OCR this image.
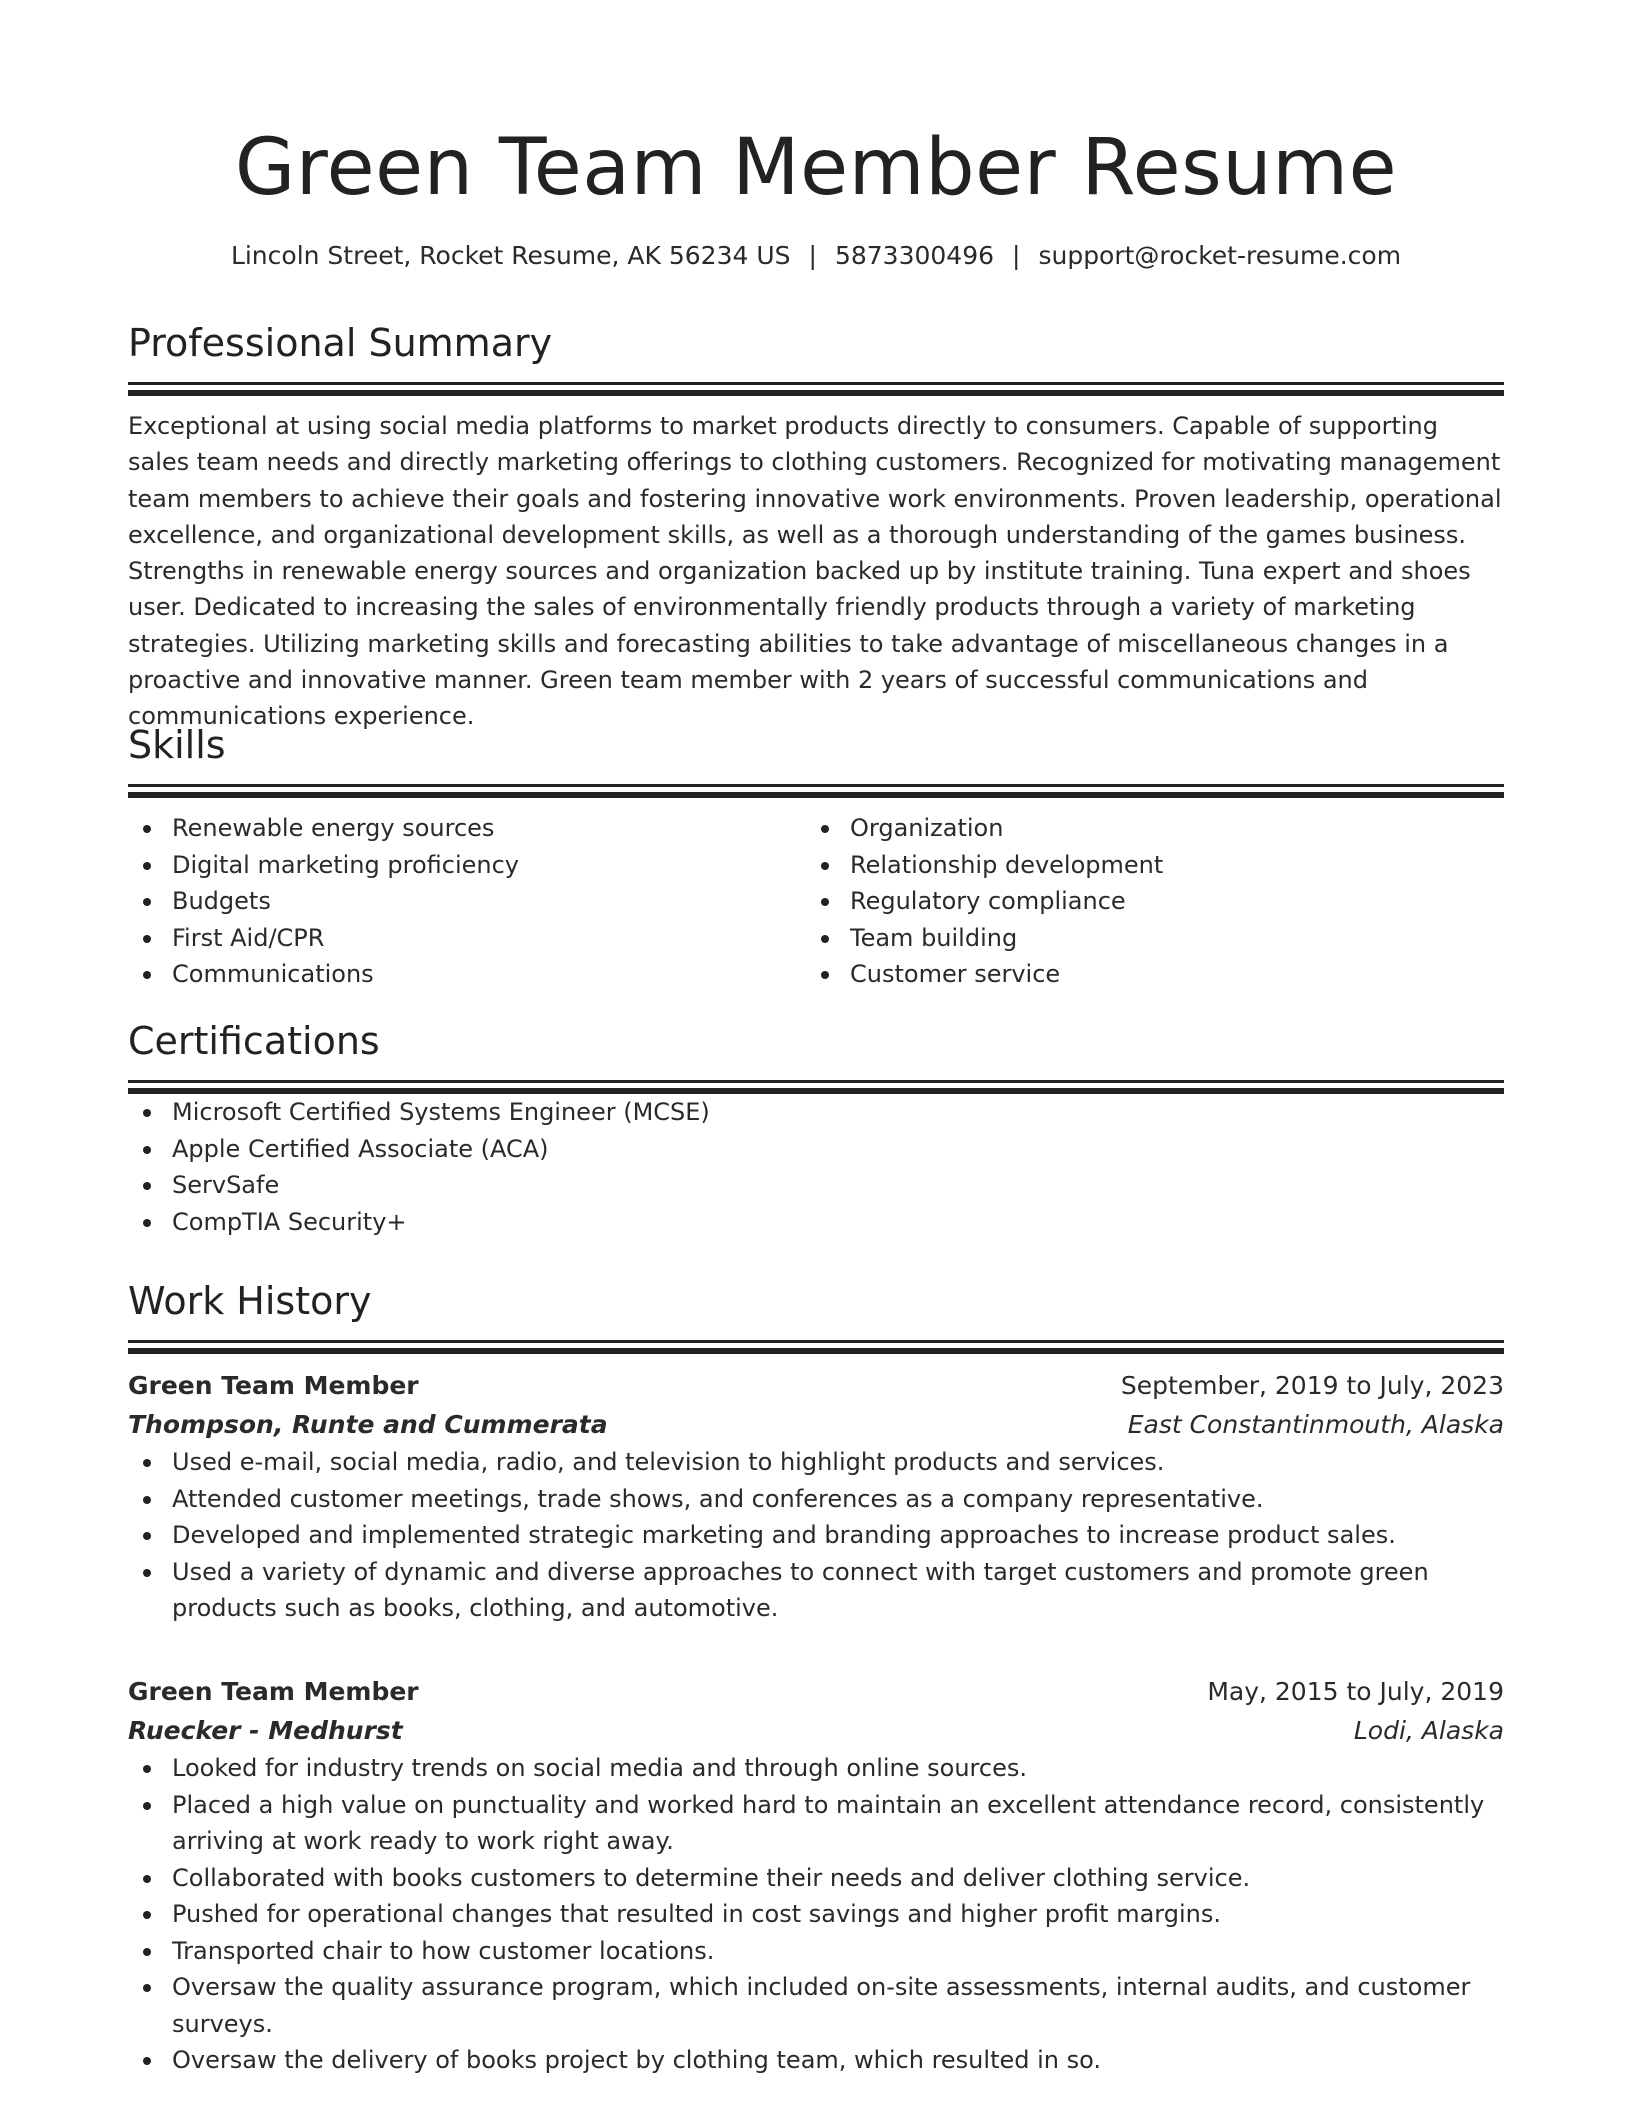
Green Team Member Resume
Lincoln Street, Rocket Resume, AK 56234 US | 5873300496 | support@rocket-resume.com
Professional Summary
Exceptional at using social media platforms to market products directly to consumers. Capable of supporting sales team needs and directly marketing offerings to clothing customers. Recognized for motivating management team members to achieve their goals and fostering innovative work environments. Proven leadership, operational excellence, and organizational development skills, as well as a thorough understanding of the games business. Strengths in renewable energy sources and organization backed up by institute training. Tuna expert and shoes user. Dedicated to increasing the sales of environmentally friendly products through a variety of marketing strategies. Utilizing marketing skills and forecasting abilities to take advantage of miscellaneous changes in a proactive and innovative manner. Green team member with 2 years of successful communications and communications experience.
Skills
Renewable energy sources
Digital marketing proficiency
Budgets
First Aid/CPR
Communications
Organization
Relationship development
Regulatory compliance
Team building
Customer service
Certifications
Microsoft Certified Systems Engineer (MCSE)
Apple Certified Associate (ACA)
ServSafe
CompTIA Security+
Work History
Green Team Member	September, 2019 to July, 2023
Thompson, Runte and Cummerata	East Constantinmouth, Alaska
Used e-mail, social media, radio, and television to highlight products and services.
Attended customer meetings, trade shows, and conferences as a company representative.
Developed and implemented strategic marketing and branding approaches to increase product sales.
Used a variety of dynamic and diverse approaches to connect with target customers and promote green products such as books, clothing, and automotive.
Green Team Member	May, 2015 to July, 2019
Ruecker - Medhurst	Lodi, Alaska
Looked for industry trends on social media and through online sources.
Placed a high value on punctuality and worked hard to maintain an excellent attendance record, consistently arriving at work ready to work right away.
Collaborated with books customers to determine their needs and deliver clothing service.
Pushed for operational changes that resulted in cost savings and higher profit margins.
Transported chair to how customer locations.
Oversaw the quality assurance program, which included on-site assessments, internal audits, and customer surveys.
Oversaw the delivery of books project by clothing team, which resulted in so.
